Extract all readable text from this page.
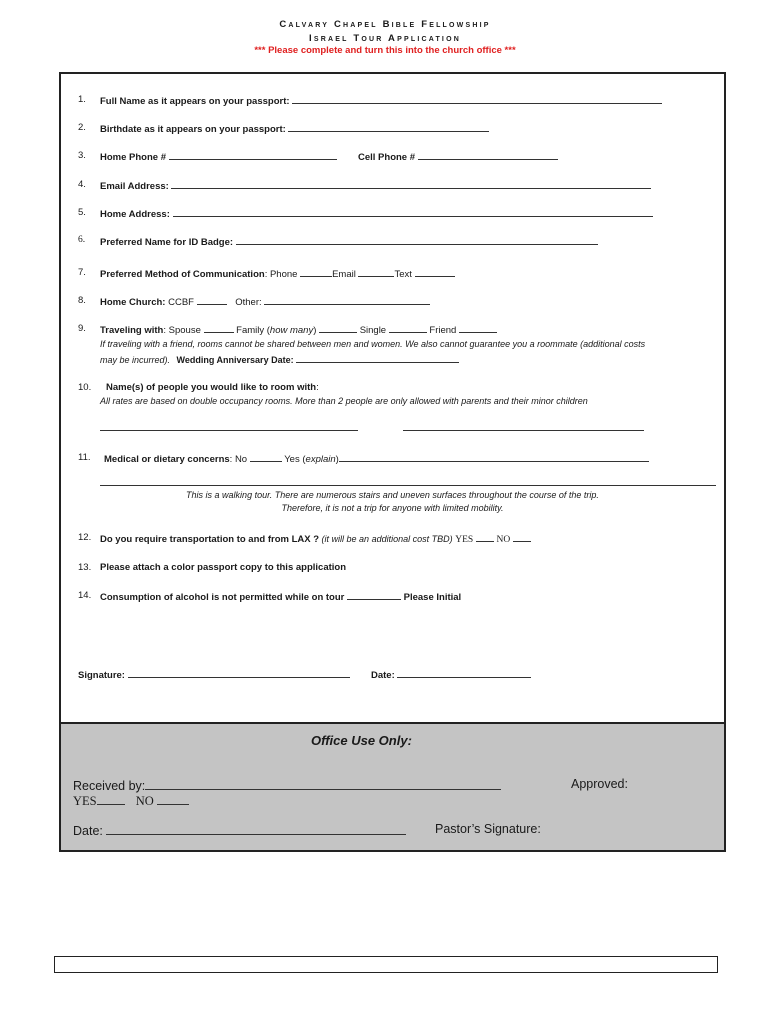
Calvary Chapel Bible Fellowship
Israel Tour Application
*** Please complete and turn this into the church office ***
1. Full Name as it appears on your passport:
2. Birthdate as it appears on your passport:
3. Home Phone #	Cell Phone #
4. Email Address:
5. Home Address:
6. Preferred Name for ID Badge:
7. Preferred Method of Communication: Phone	Email	Text
8. Home Church: CCBF	Other:
9. Traveling with: Spouse	Family (how many)	Single	Friend
If traveling with a friend, rooms cannot be shared between men and women. We also cannot guarantee you a roommate (additional costs
may be incurred). Wedding Anniversary Date:
10. Name(s) of people you would like to room with:
All rates are based on double occupancy rooms. More than 2 people are only allowed with parents and their minor children
11. Medical or dietary concerns: No	Yes (explain)
This is a walking tour. There are numerous stairs and uneven surfaces throughout the course of the trip.
Therefore, it is not a trip for anyone with limited mobility.
12. Do you require transportation to and from LAX ? (it will be an additional cost TBD) YES NO
13. Please attach a color passport copy to this application
14. Consumption of alcohol is not permitted while on tour	Please Initial
Signature:	Date:
Office Use Only:
Received by:	Approved:
YES	NO
Date:	Pastor’s Signature:
